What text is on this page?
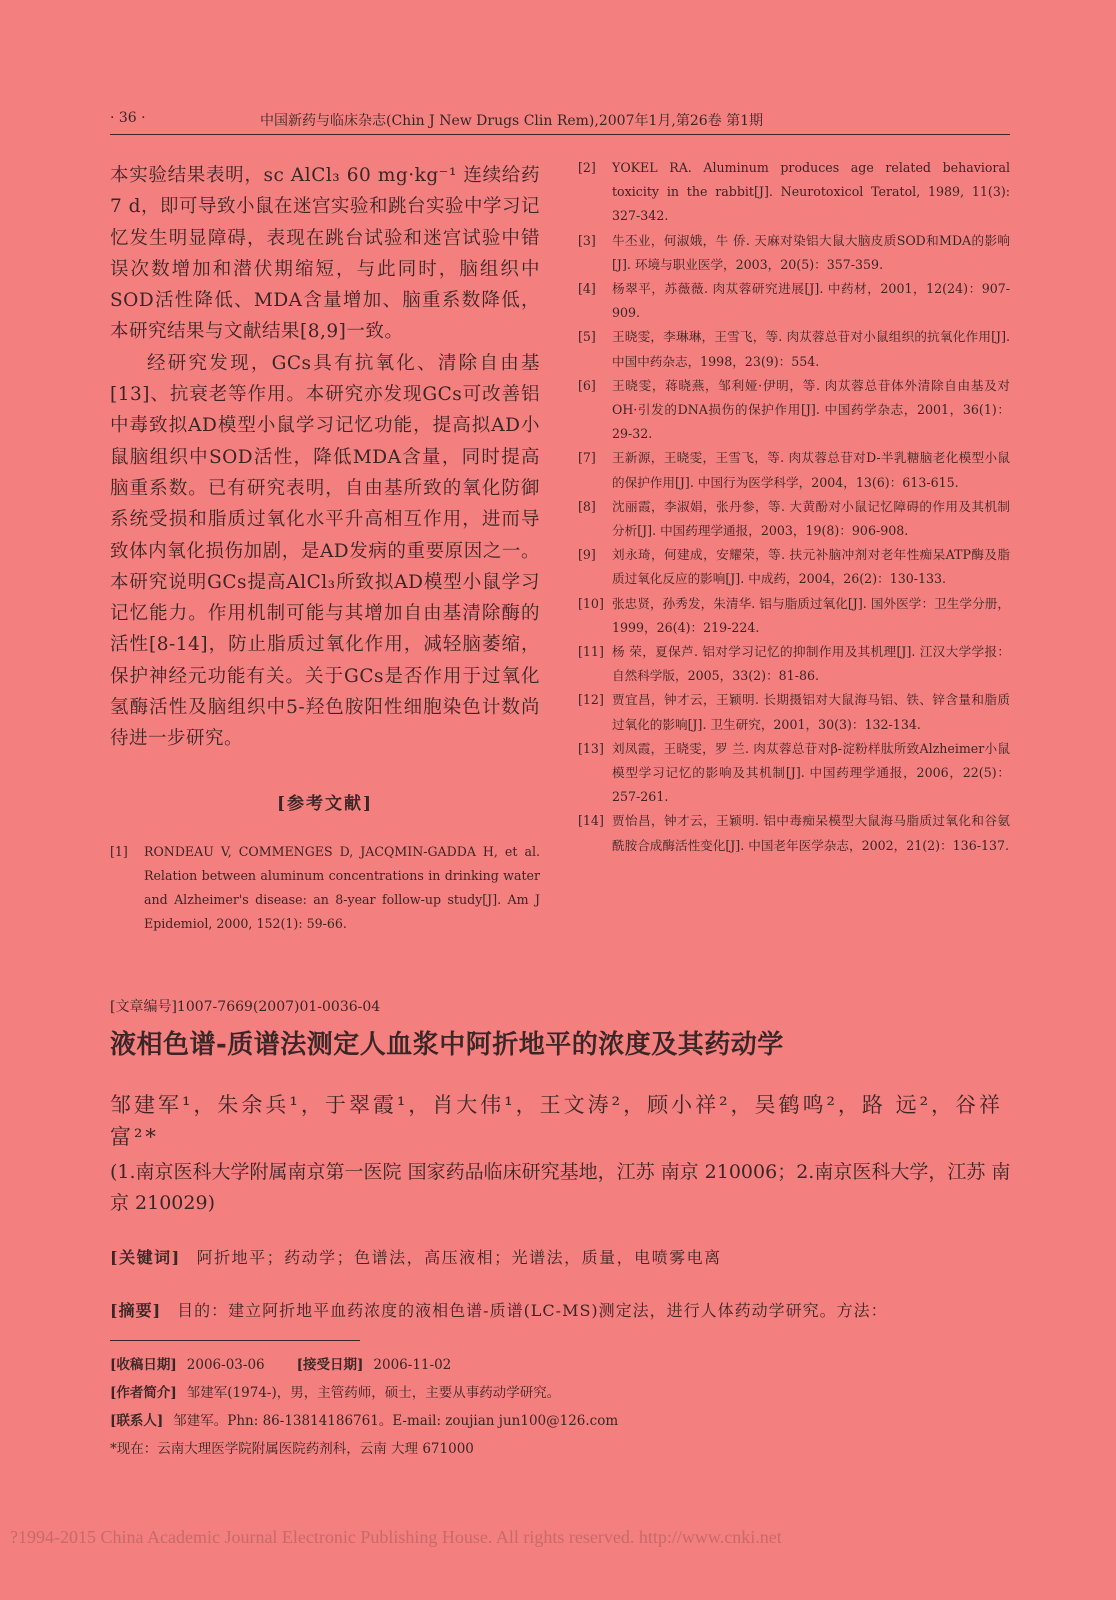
· 36 ·	中国新药与临床杂志(Chin J New Drugs Clin Rem),2007年1月,第26卷 第1期

本实验结果表明，sc AlCl₃ 60 mg·kg⁻¹ 连续给药7 d，即可导致小鼠在迷宫实验和跳台实验中学习记忆发生明显障碍，表现在跳台试验和迷宫试验中错误次数增加和潜伏期缩短，与此同时，脑组织中SOD活性降低、MDA含量增加、脑重系数降低，本研究结果与文献结果[8,9]一致。

经研究发现，GCs具有抗氧化、清除自由基[13]、抗衰老等作用。本研究亦发现GCs可改善铝中毒致拟AD模型小鼠学习记忆功能，提高拟AD小鼠脑组织中SOD活性，降低MDA含量，同时提高脑重系数。已有研究表明，自由基所致的氧化防御系统受损和脂质过氧化水平升高相互作用，进而导致体内氧化损伤加剧，是AD发病的重要原因之一。本研究说明GCs提高AlCl₃所致拟AD模型小鼠学习记忆能力。作用机制可能与其增加自由基清除酶的活性[8-14]，防止脂质过氧化作用，减轻脑萎缩，保护神经元功能有关。关于GCs是否作用于过氧化氢酶活性及脑组织中5-羟色胺阳性细胞染色计数尚待进一步研究。

[参考文献]
[1]	RONDEAU V, COMMENGES D, JACQMIN-GADDA H, et al. Relation between aluminum concentrations in drinking water and Alzheimer's disease: an 8-year follow-up study[J]. Am J Epidemiol, 2000, 152(1): 59-66.
[2]	YOKEL RA. Aluminum produces age related behavioral toxicity in the rabbit[J]. Neurotoxicol Teratol, 1989, 11(3): 327-342.
[3]	牛丕业，何淑娥，牛 侨. 天麻对染铝大鼠大脑皮质SOD和MDA的影响[J]. 环境与职业医学，2003，20(5)：357-359.
[4]	杨翠平，苏薇薇. 肉苁蓉研究进展[J]. 中药材，2001，12(24)：907-909.
[5]	王晓雯，李琳琳，王雪飞，等. 肉苁蓉总苷对小鼠组织的抗氧化作用[J]. 中国中药杂志，1998，23(9)：554.
[6]	王晓雯，蒋晓燕，邹利娅·伊明，等. 肉苁蓉总苷体外清除自由基及对OH·引发的DNA损伤的保护作用[J]. 中国药学杂志，2001，36(1)：29-32.
[7]	王新源，王晓雯，王雪飞，等. 肉苁蓉总苷对D-半乳糖脑老化模型小鼠的保护作用[J]. 中国行为医学科学，2004，13(6)：613-615.
[8]	沈丽霞，李淑娟，张丹参，等. 大黄酚对小鼠记忆障碍的作用及其机制分析[J]. 中国药理学通报，2003，19(8)：906-908.
[9]	刘永琦，何建成，安耀荣，等. 扶元补脑冲剂对老年性痴呆ATP酶及脂质过氧化反应的影响[J]. 中成药，2004，26(2)：130-133.
[10] 张忠贤，孙秀发，朱清华. 铝与脂质过氧化[J]. 国外医学：卫生学分册，1999，26(4)：219-224.
[11] 杨 荣，夏保芦. 铝对学习记忆的抑制作用及其机理[J]. 江汉大学学报：自然科学版，2005，33(2)：81-86.
[12] 贾宜昌，钟才云，王颖明. 长期摄铝对大鼠海马铝、铁、锌含量和脂质过氧化的影响[J]. 卫生研究，2001，30(3)：132-134.
[13] 刘凤霞，王晓雯，罗 兰. 肉苁蓉总苷对β-淀粉样肽所致Alzheimer小鼠模型学习记忆的影响及其机制[J]. 中国药理学通报，2006，22(5)：257-261.
[14] 贾怡昌，钟才云，王颖明. 铝中毒痴呆模型大鼠海马脂质过氧化和谷氨酰胺合成酶活性变化[J]. 中国老年医学杂志，2002，21(2)：136-137.
[文章编号]1007-7669(2007)01-0036-04
液相色谱-质谱法测定人血浆中阿折地平的浓度及其药动学
邹建军¹，朱余兵¹，于翠霞¹，肖大伟¹，王文涛²，顾小祥²，吴鹤鸣²，路 远²，谷祥富²*
(1.南京医科大学附属南京第一医院 国家药品临床研究基地，江苏 南京 210006；2.南京医科大学，江苏 南京 210029)
[关键词] 阿折地平；药动学；色谱法，高压液相；光谱法，质量，电喷雾电离
[摘要] 目的：建立阿折地平血药浓度的液相色谱-质谱(LC-MS)测定法，进行人体药动学研究。方法：
[收稿日期] 2006-03-06 [接受日期] 2006-11-02
[作者简介] 邹建军(1974-)，男，主管药师，硕士，主要从事药动学研究。
[联系人] 邹建军。Phn: 86-13814186761。E-mail: zoujian jun100@126.com
*现在：云南大理医学院附属医院药剂科，云南 大理 671000
?1994-2015 China Academic Journal Electronic Publishing House. All rights reserved. http://www.cnki.net
